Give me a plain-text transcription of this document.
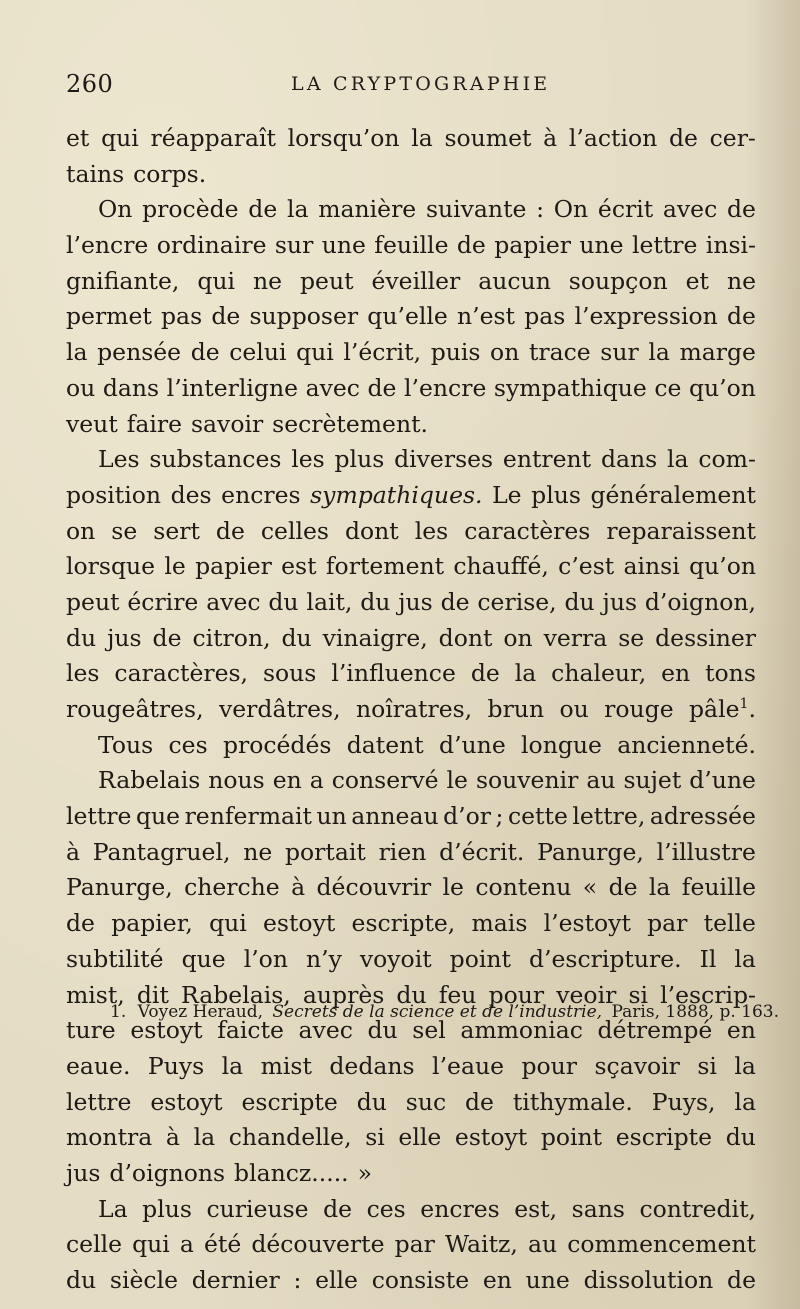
260	LA CRYPTOGRAPHIE
et qui réapparaît lorsqu’on la soumet à l’action de cer-
tains corps.
On procède de la manière suivante : On écrit avec de
l’encre ordinaire sur une feuille de papier une lettre insi-
gnifiante, qui ne peut éveiller aucun soupçon et ne
permet pas de supposer qu’elle n’est pas l’expression de
la pensée de celui qui l’écrit, puis on trace sur la marge
ou dans l’interligne avec de l’encre sympathique ce qu’on
veut faire savoir secrètement.
Les substances les plus diverses entrent dans la com-
position des encres sympathiques. Le plus généralement
on se sert de celles dont les caractères reparaissent
lorsque le papier est fortement chauffé, c’est ainsi qu’on
peut écrire avec du lait, du jus de cerise, du jus d’oignon,
du jus de citron, du vinaigre, dont on verra se dessiner
les caractères, sous l’influence de la chaleur, en tons
rougeâtres, verdâtres, noîratres, brun ou rouge pâle$^1$.
Tous ces procédés datent d’une longue ancienneté.
Rabelais nous en a conservé le souvenir au sujet d’une
lettre que renfermait un anneau d’or ; cette lettre, adressée
à Pantagruel, ne portait rien d’écrit. Panurge, l’illustre
Panurge, cherche à découvrir le contenu « de la feuille
de papier, qui estoyt escripte, mais l’estoyt par telle
subtilité que l’on n’y voyoit point d’escripture. Il la
mist, dit Rabelais, auprès du feu pour veoir si l’escrip-
ture estoyt faicte avec du sel ammoniac détrempé en
eaue. Puys la mist dedans l’eaue pour sçavoir si la
lettre estoyt escripte du suc de tithymale. Puys, la
montra à la chandelle, si elle estoyt point escripte du
jus d’oignons blancz..... »
La plus curieuse de ces encres est, sans contredit,
celle qui a été découverte par Waitz, au commencement
du siècle dernier : elle consiste en une dissolution de
1. Voyez Heraud, Secrets de la science et de l’industrie, Paris, 1888, p. 163.
